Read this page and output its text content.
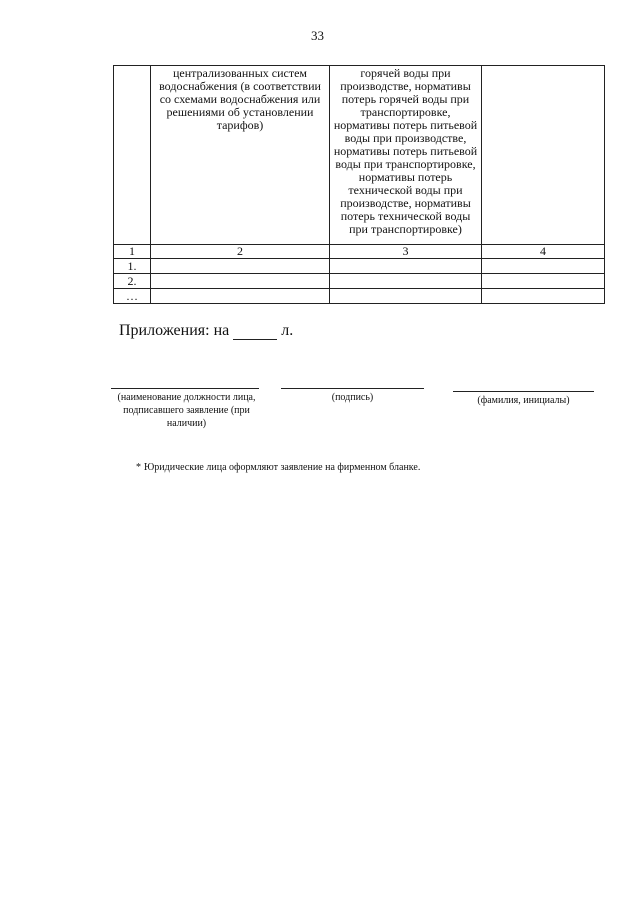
33
	централизованных систем водоснабжения (в соответствии со схемами водоснабжения или решениями об установлении тарифов)	горячей воды при производстве, нормативы потерь горячей воды при транспортировке, нормативы потерь питьевой воды при производстве, нормативы потерь питьевой воды при транспортировке, нормативы потерь технической воды при производстве, нормативы потерь технической воды при транспортировке)	
1	2	3	4
1.			
2.			
…			
Приложения: на	л.
(наименование должности лица, подписавшего заявление (при наличии)
(подпись)	(фамилия, инициалы)
* Юридические лица оформляют заявление на фирменном бланке.
